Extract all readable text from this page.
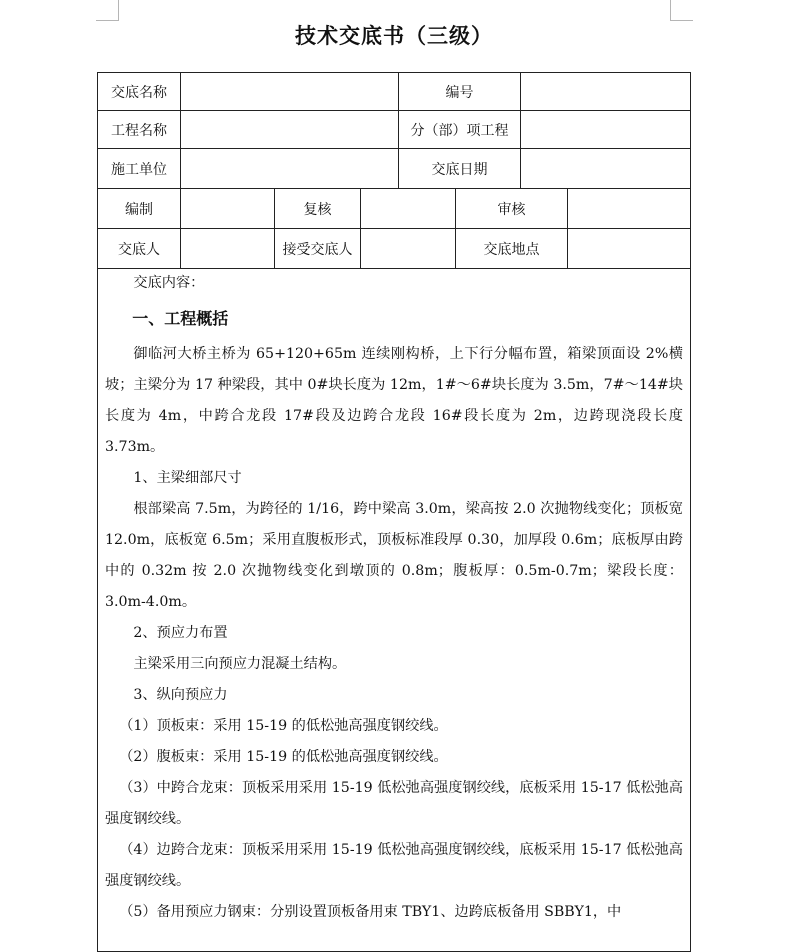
技术交底书（三级）
交底名称	编号
工程名称	分（部）项工程
施工单位	交底日期
编制	复核	审核
交底人	接受交底人	交底地点

交底内容：

一、工程概括

御临河大桥主桥为 65+120+65m 连续刚构桥，上下行分幅布置，箱梁顶面设 2%横坡；主梁分为 17 种梁段，其中 0#块长度为 12m，1#～6#块长度为 3.5m，7#～14#块长度为 4m，中跨合龙段 17#段及边跨合龙段 16#段长度为 2m，边跨现浇段长度 3.73m。

1、主梁细部尺寸

根部梁高 7.5m，为跨径的 1/16，跨中梁高 3.0m，梁高按 2.0 次抛物线变化；顶板宽 12.0m，底板宽 6.5m；采用直腹板形式，顶板标准段厚 0.30，加厚段 0.6m；底板厚由跨中的 0.32m 按 2.0 次抛物线变化到墩顶的 0.8m；腹板厚：0.5m-0.7m；梁段长度：3.0m-4.0m。

2、预应力布置

主梁采用三向预应力混凝土结构。

3、纵向预应力

（1）顶板束：采用 15-19 的低松弛高强度钢绞线。

（2）腹板束：采用 15-19 的低松弛高强度钢绞线。

（3）中跨合龙束：顶板采用采用 15-19 低松弛高强度钢绞线，底板采用 15-17 低松弛高强度钢绞线。

（4）边跨合龙束：顶板采用采用 15-19 低松弛高强度钢绞线，底板采用 15-17 低松弛高 强度钢绞线。

（5）备用预应力钢束：分别设置顶板备用束 TBY1、边跨底板备用 SBBY1，中
